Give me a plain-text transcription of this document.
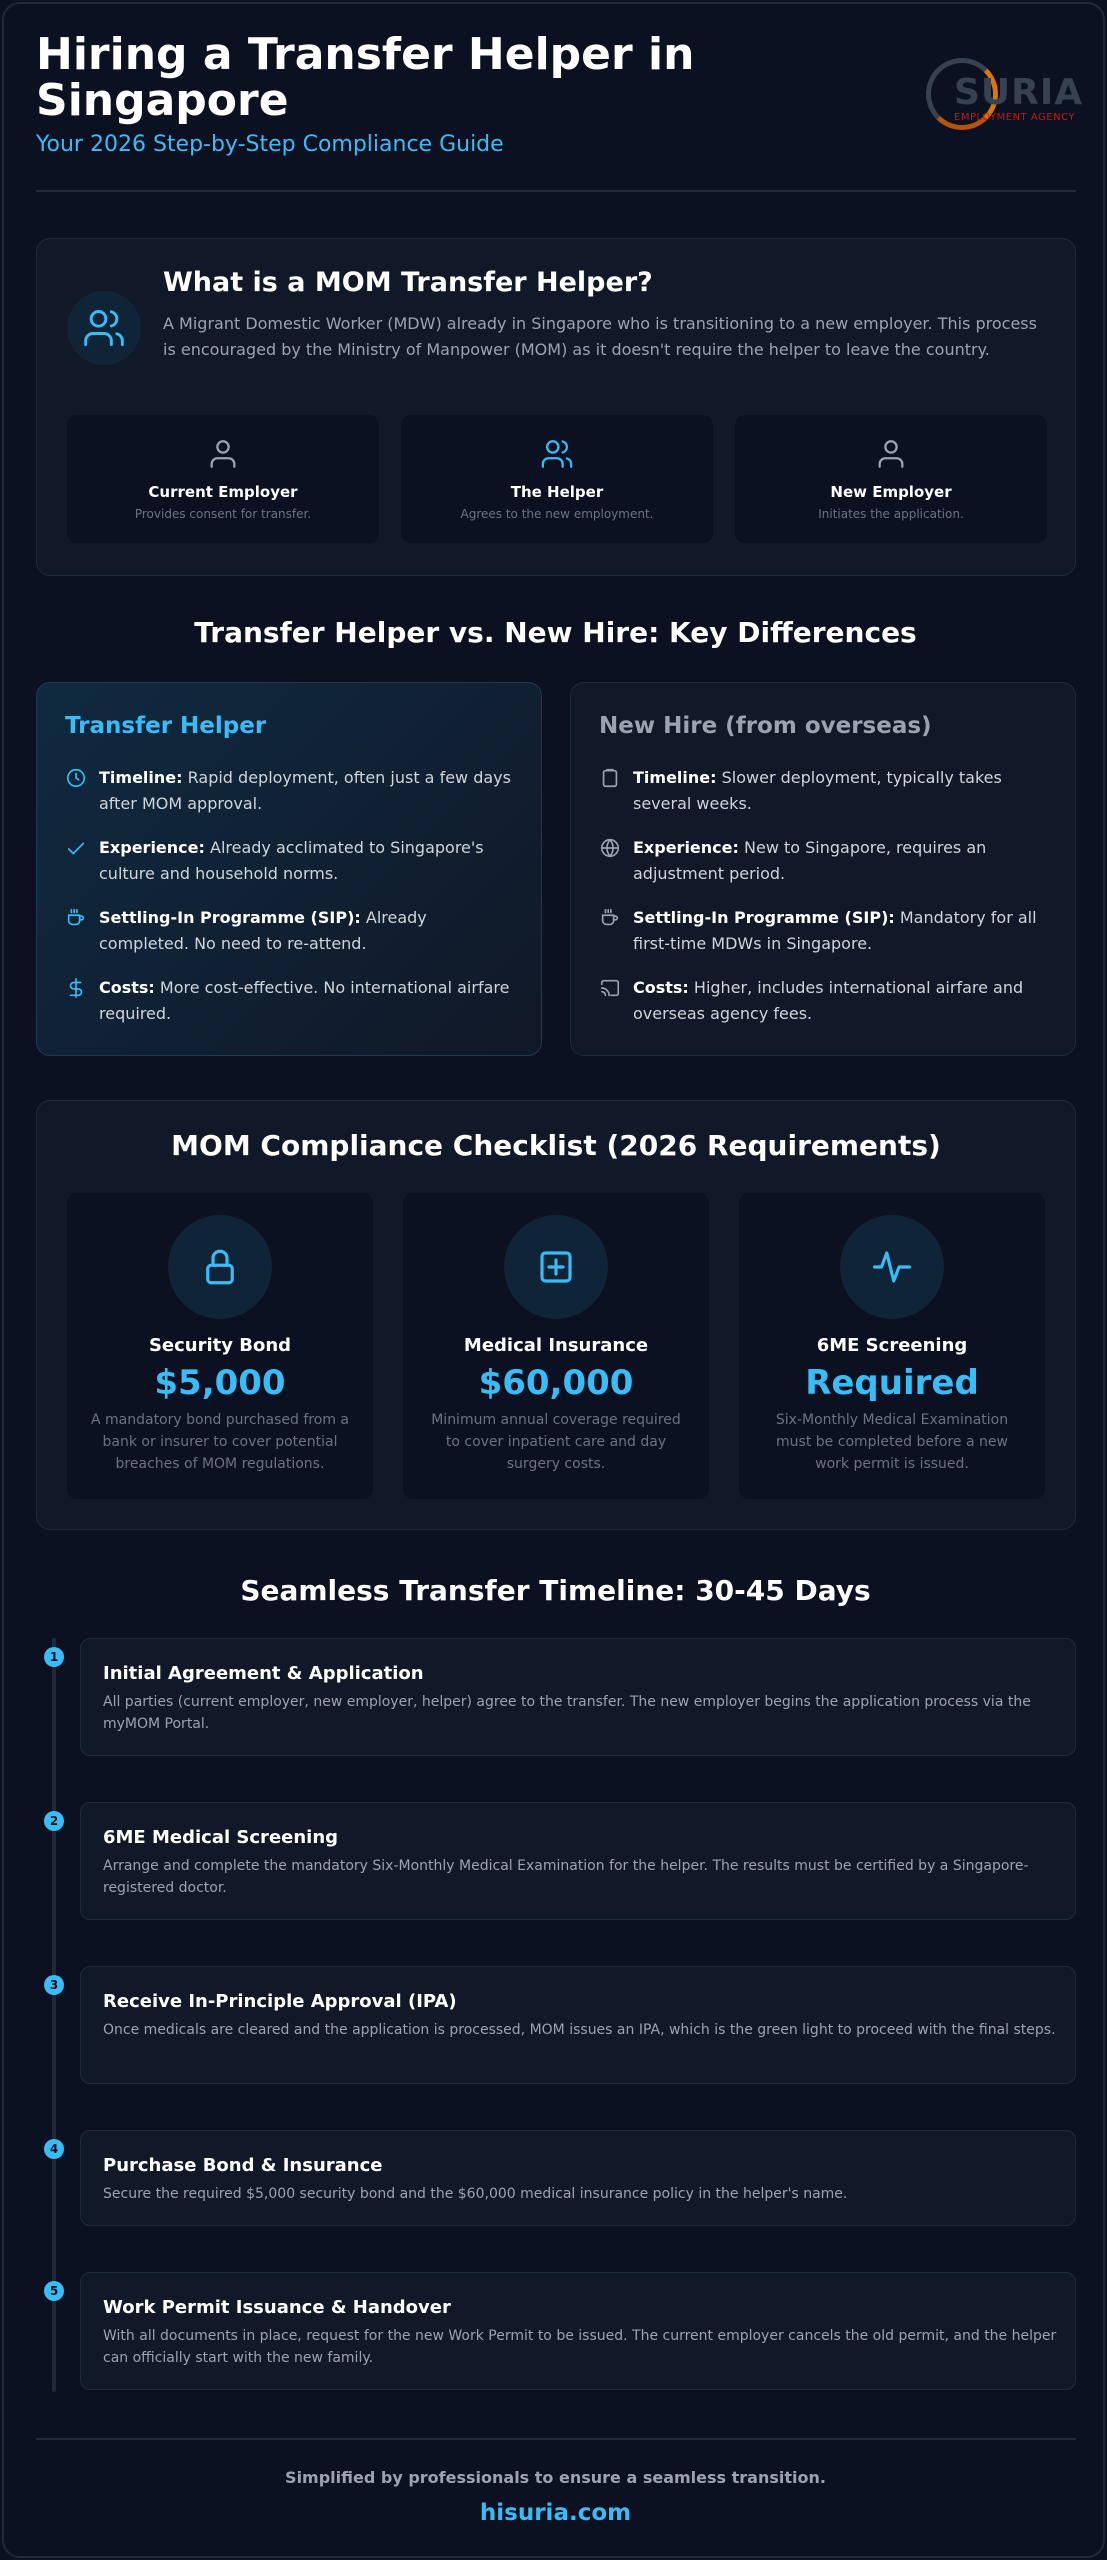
Hiring a Transfer Helper in Singapore
Your 2026 Step-by-Step Compliance Guide
SURIA
EMPLOYMENT AGENCY
What is a MOM Transfer Helper?
A Migrant Domestic Worker (MDW) already in Singapore who is transitioning to a new employer. This process is encouraged by the Ministry of Manpower (MOM) as it doesn't require the helper to leave the country.
Current Employer
Provides consent for transfer.
The Helper
Agrees to the new employment.
New Employer
Initiates the application.
Transfer Helper vs. New Hire: Key Differences
Transfer Helper
Timeline: Rapid deployment, often just a few days after MOM approval.
Experience: Already acclimated to Singapore's culture and household norms.
Settling-In Programme (SIP): Already completed. No need to re-attend.
Costs: More cost-effective. No international airfare required.
New Hire (from overseas)
Timeline: Slower deployment, typically takes several weeks.
Experience: New to Singapore, requires an adjustment period.
Settling-In Programme (SIP): Mandatory for all first-time MDWs in Singapore.
Costs: Higher, includes international airfare and overseas agency fees.
MOM Compliance Checklist (2026 Requirements)
Security Bond
$5,000
A mandatory bond purchased from a bank or insurer to cover potential breaches of MOM regulations.
Medical Insurance
$60,000
Minimum annual coverage required to cover inpatient care and day surgery costs.
6ME Screening
Required
Six-Monthly Medical Examination must be completed before a new work permit is issued.
Seamless Transfer Timeline: 30-45 Days
1
Initial Agreement & Application
All parties (current employer, new employer, helper) agree to the transfer. The new employer begins the application process via the myMOM Portal.
2
6ME Medical Screening
Arrange and complete the mandatory Six-Monthly Medical Examination for the helper. The results must be certified by a Singapore-registered doctor.
3
Receive In-Principle Approval (IPA)
Once medicals are cleared and the application is processed, MOM issues an IPA, which is the green light to proceed with the final steps.
4
Purchase Bond & Insurance
Secure the required $5,000 security bond and the $60,000 medical insurance policy in the helper's name.
5
Work Permit Issuance & Handover
With all documents in place, request for the new Work Permit to be issued. The current employer cancels the old permit, and the helper can officially start with the new family.
Simplified by professionals to ensure a seamless transition.
hisuria.com
